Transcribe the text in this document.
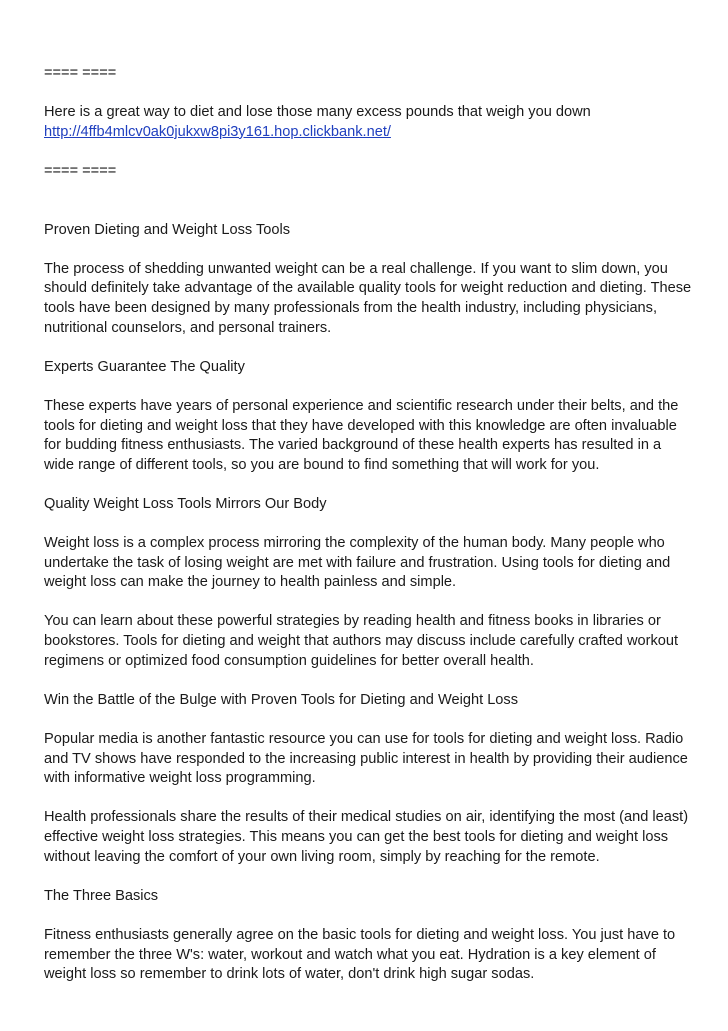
==== ====

Here is a great way to diet and lose those many excess pounds that weigh you down

http://4ffb4mlcv0ak0jukxw8pi3y161.hop.clickbank.net/

==== ====

Proven Dieting and Weight Loss Tools

The process of shedding unwanted weight can be a real challenge. If you want to slim down, you should definitely take advantage of the available quality tools for weight reduction and dieting. These tools have been designed by many professionals from the health industry, including physicians, nutritional counselors, and personal trainers.

Experts Guarantee The Quality

These experts have years of personal experience and scientific research under their belts, and the tools for dieting and weight loss that they have developed with this knowledge are often invaluable for budding fitness enthusiasts. The varied background of these health experts has resulted in a wide range of different tools, so you are bound to find something that will work for you.

Quality Weight Loss Tools Mirrors Our Body

Weight loss is a complex process mirroring the complexity of the human body. Many people who undertake the task of losing weight are met with failure and frustration. Using tools for dieting and weight loss can make the journey to health painless and simple.

You can learn about these powerful strategies by reading health and fitness books in libraries or bookstores. Tools for dieting and weight that authors may discuss include carefully crafted workout regimens or optimized food consumption guidelines for better overall health.

Win the Battle of the Bulge with Proven Tools for Dieting and Weight Loss

Popular media is another fantastic resource you can use for tools for dieting and weight loss. Radio and TV shows have responded to the increasing public interest in health by providing their audience with informative weight loss programming.

Health professionals share the results of their medical studies on air, identifying the most (and least) effective weight loss strategies. This means you can get the best tools for dieting and weight loss without leaving the comfort of your own living room, simply by reaching for the remote.

The Three Basics

Fitness enthusiasts generally agree on the basic tools for dieting and weight loss. You just have to remember the three W's: water, workout and watch what you eat. Hydration is a key element of weight loss so remember to drink lots of water, don't drink high sugar sodas.
